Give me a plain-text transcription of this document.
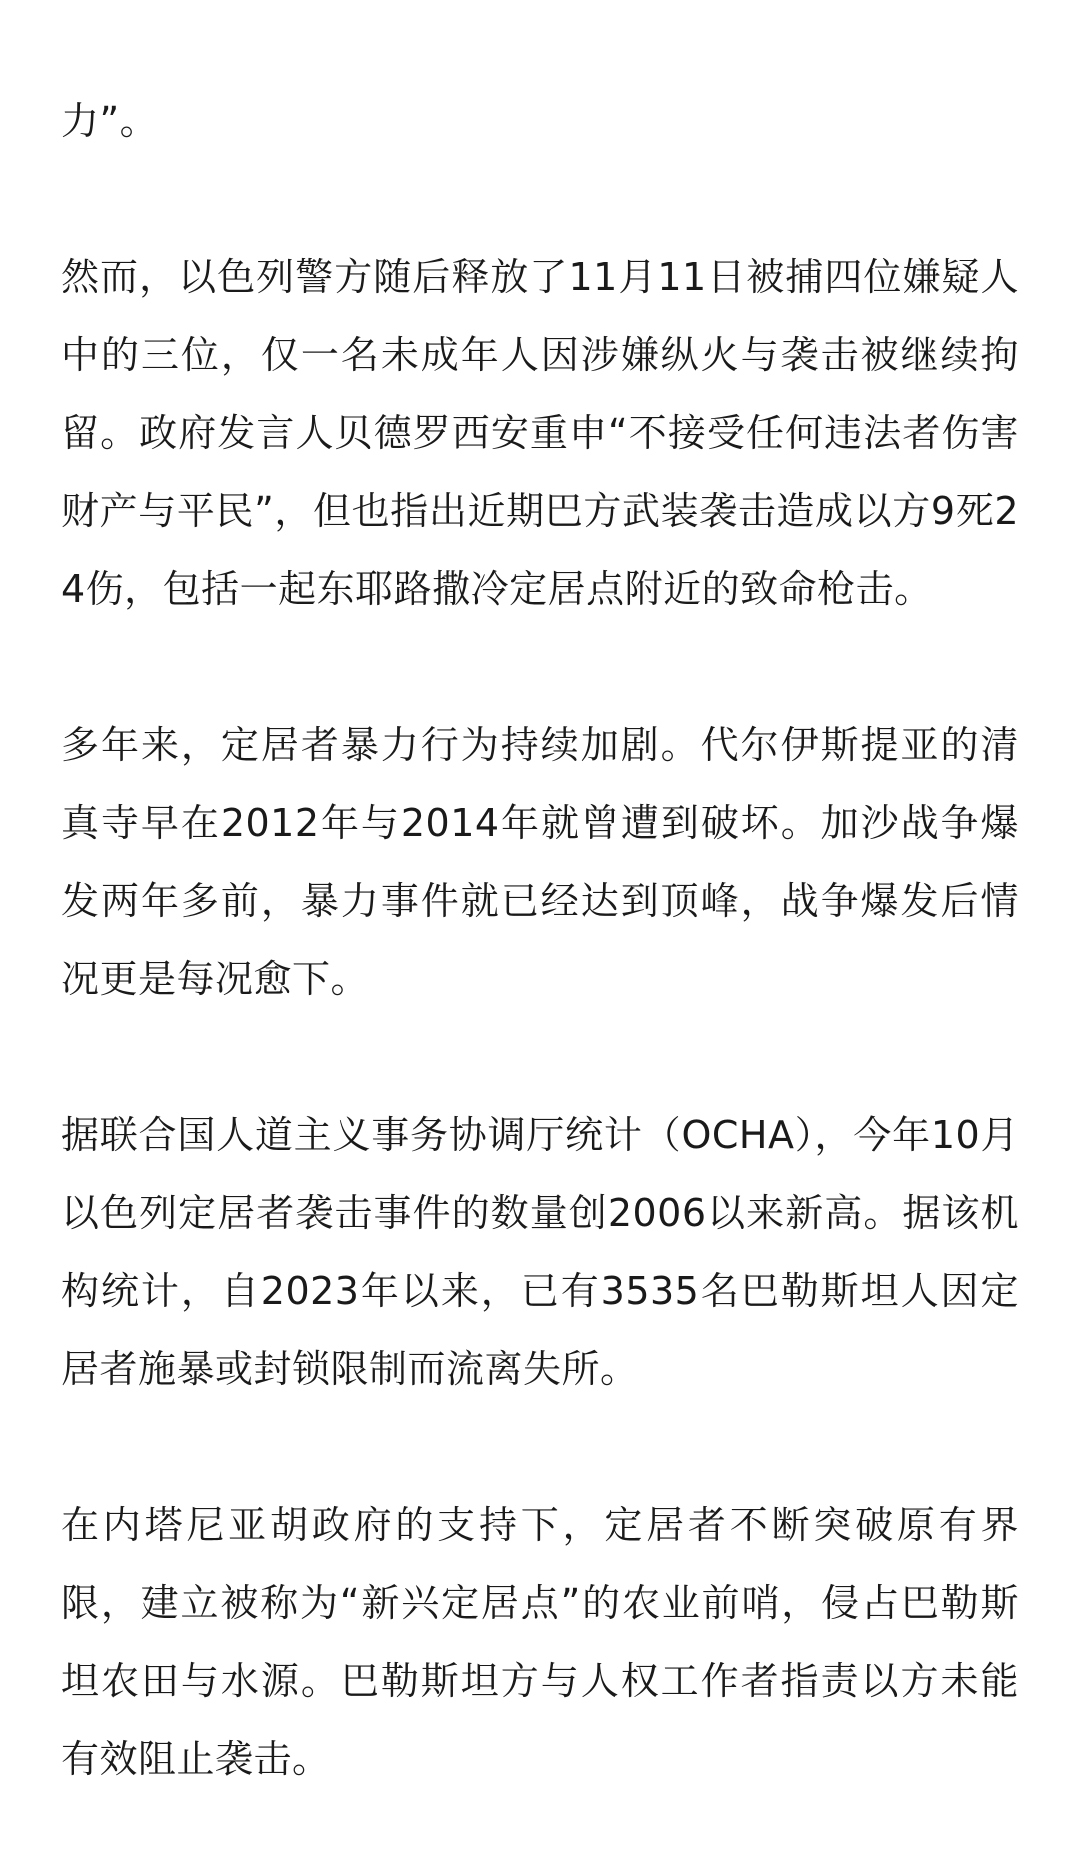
力”。

然而，以色列警方随后释放了11月11日被捕四位嫌疑人中的三位，仅一名未成年人因涉嫌纵火与袭击被继续拘留。政府发言人贝德罗西安重申“不接受任何违法者伤害财产与平民”，但也指出近期巴方武装袭击造成以方9死24伤，包括一起东耶路撒冷定居点附近的致命枪击。

多年来，定居者暴力行为持续加剧。代尔伊斯提亚的清真寺早在2012年与2014年就曾遭到破坏。加沙战争爆发两年多前，暴力事件就已经达到顶峰，战争爆发后情况更是每况愈下。

据联合国人道主义事务协调厅统计（OCHA），今年10月以色列定居者袭击事件的数量创2006以来新高。据该机构统计，自2023年以来，已有3535名巴勒斯坦人因定居者施暴或封锁限制而流离失所。

在内塔尼亚胡政府的支持下，定居者不断突破原有界限，建立被称为“新兴定居点”的农业前哨，侵占巴勒斯坦农田与水源。巴勒斯坦方与人权工作者指责以方未能有效阻止袭击。
